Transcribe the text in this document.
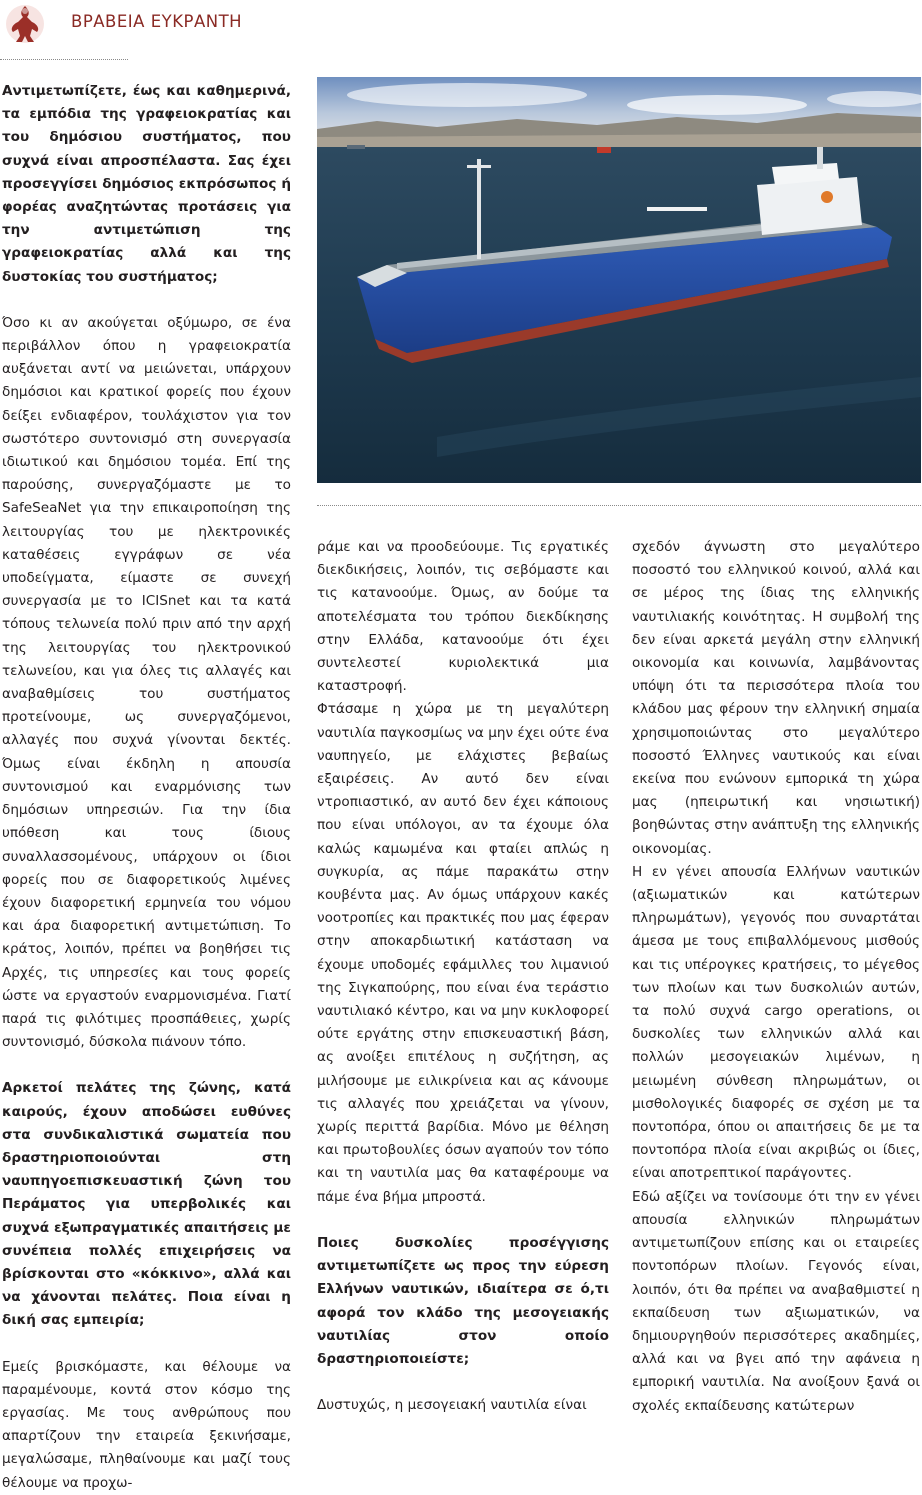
ΒΡΑΒΕΙΑ ΕΥΚΡΑΝΤΗ

Αντιμετωπίζετε, έως και καθημερινά, τα εμπόδια της γραφειοκρατίας και του δημόσιου συστήματος, που συχνά είναι απροσπέλαστα. Σας έχει προσεγγίσει δημόσιος εκπρόσωπος ή φορέας αναζητώντας προτάσεις για την αντιμετώπιση της γραφειοκρατίας αλλά και της δυστοκίας του συστήματος;

Όσο κι αν ακούγεται οξύμωρο, σε ένα περιβάλλον όπου η γραφειοκρατία αυξάνεται αντί να μειώνεται, υπάρχουν δημόσιοι και κρατικοί φορείς που έχουν δείξει ενδιαφέρον, τουλάχιστον για τον σωστότερο συντονισμό στη συνεργασία ιδιωτικού και δημόσιου τομέα. Επί της παρούσης, συνεργαζόμαστε με το SafeSeaNet για την επικαιροποίηση της λειτουργίας του με ηλεκτρονικές καταθέσεις εγγράφων σε νέα υποδείγματα, είμαστε σε συνεχή συνεργασία με το ICISnet και τα κατά τόπους τελωνεία πολύ πριν από την αρχή της λειτουργίας του ηλεκτρονικού τελωνείου, και για όλες τις αλλαγές και αναβαθμίσεις του συστήματος προτείνουμε, ως συνεργαζόμενοι, αλλαγές που συχνά γίνονται δεκτές. Όμως είναι έκδηλη η απουσία συντονισμού και εναρμόνισης των δημόσιων υπηρεσιών. Για την ίδια υπόθεση και τους ίδιους συναλλασσομένους, υπάρχουν οι ίδιοι φορείς που σε διαφορετικούς λιμένες έχουν διαφορετική ερμηνεία του νόμου και άρα διαφορετική αντιμετώπιση. Το κράτος, λοιπόν, πρέπει να βοηθήσει τις Αρχές, τις υπηρεσίες και τους φορείς ώστε να εργαστούν εναρμονισμένα. Γιατί παρά τις φιλότιμες προσπάθειες, χωρίς συντονισμό, δύσκολα πιάνουν τόπο.

Αρκετοί πελάτες της ζώνης, κατά καιρούς, έχουν αποδώσει ευθύνες στα συνδικαλιστικά σωματεία που δραστηριοποιούνται στη ναυπηγοεπισκευαστική ζώνη του Περάματος για υπερβολικές και συχνά εξωπραγματικές απαιτήσεις με συνέπεια πολλές επιχειρήσεις να βρίσκονται στο «κόκκινο», αλλά και να χάνονται πελάτες. Ποια είναι η δική σας εμπειρία;

Εμείς βρισκόμαστε, και θέλουμε να παραμένουμε, κοντά στον κόσμο της εργασίας. Με τους ανθρώπους που απαρτίζουν την εταιρεία ξεκινήσαμε, μεγαλώσαμε, πληθαίνουμε και μαζί τους θέλουμε να προχω-

ράμε και να προοδεύουμε. Τις εργατικές διεκδικήσεις, λοιπόν, τις σεβόμαστε και τις κατανοούμε. Όμως, αν δούμε τα αποτελέσματα του τρόπου διεκδίκησης στην Ελλάδα, κατανοούμε ότι έχει συντελεστεί κυριολεκτικά μια καταστροφή.

Φτάσαμε η χώρα με τη μεγαλύτερη ναυτιλία παγκοσμίως να μην έχει ούτε ένα ναυπηγείο, με ελάχιστες βεβαίως εξαιρέσεις. Αν αυτό δεν είναι ντροπιαστικό, αν αυτό δεν έχει κάποιους που είναι υπόλογοι, αν τα έχουμε όλα καλώς καμωμένα και φταίει απλώς η συγκυρία, ας πάμε παρακάτω στην κουβέντα μας. Αν όμως υπάρχουν κακές νοοτροπίες και πρακτικές που μας έφεραν στην αποκαρδιωτική κατάσταση να έχουμε υποδομές εφάμιλλες του λιμανιού της Σιγκαπούρης, που είναι ένα τεράστιο ναυτιλιακό κέντρο, και να μην κυκλοφορεί ούτε εργάτης στην επισκευαστική βάση, ας ανοίξει επιτέλους η συζήτηση, ας μιλήσουμε με ειλικρίνεια και ας κάνουμε τις αλλαγές που χρειάζεται να γίνουν, χωρίς περιττά βαρίδια. Μόνο με θέληση και πρωτοβουλίες όσων αγαπούν τον τόπο και τη ναυτιλία μας θα καταφέρουμε να πάμε ένα βήμα μπροστά.

Ποιες δυσκολίες προσέγγισης αντιμετωπίζετε ως προς την εύρεση Ελλήνων ναυτικών, ιδιαίτερα σε ό,τι αφορά τον κλάδο της μεσογειακής ναυτιλίας στον οποίο δραστηριοποιείστε;

Δυστυχώς, η μεσογειακή ναυτιλία είναι

σχεδόν άγνωστη στο μεγαλύτερο ποσοστό του ελληνικού κοινού, αλλά και σε μέρος της ίδιας της ελληνικής ναυτιλιακής κοινότητας. Η συμβολή της δεν είναι αρκετά μεγάλη στην ελληνική οικονομία και κοινωνία, λαμβάνοντας υπόψη ότι τα περισσότερα πλοία του κλάδου μας φέρουν την ελληνική σημαία χρησιμοποιώντας στο μεγαλύτερο ποσοστό Έλληνες ναυτικούς και είναι εκείνα που ενώνουν εμπορικά τη χώρα μας (ηπειρωτική και νησιωτική) βοηθώντας στην ανάπτυξη της ελληνικής οικονομίας.

Η εν γένει απουσία Ελλήνων ναυτικών (αξιωματικών και κατώτερων πληρωμάτων), γεγονός που συναρτάται άμεσα με τους επιβαλλόμενους μισθούς και τις υπέρογκες κρατήσεις, το μέγεθος των πλοίων και των δυσκολιών αυτών, τα πολύ συχνά cargo operations, οι δυσκολίες των ελληνικών αλλά και πολλών μεσογειακών λιμένων, η μειωμένη σύνθεση πληρωμάτων, οι μισθολογικές διαφορές σε σχέση με τα ποντοπόρα, όπου οι απαιτήσεις δε με τα ποντοπόρα πλοία είναι ακριβώς οι ίδιες, είναι αποτρεπτικοί παράγοντες.

Εδώ αξίζει να τονίσουμε ότι την εν γένει απουσία ελληνικών πληρωμάτων αντιμετωπίζουν επίσης και οι εταιρείες ποντοπόρων πλοίων. Γεγονός είναι, λοιπόν, ότι θα πρέπει να αναβαθμιστεί η εκπαίδευση των αξιωματικών, να δημιουργηθούν περισσότερες ακαδημίες, αλλά και να βγει από την αφάνεια η εμπορική ναυτιλία. Να ανοίξουν ξανά οι σχολές εκπαίδευσης κατώτερων
